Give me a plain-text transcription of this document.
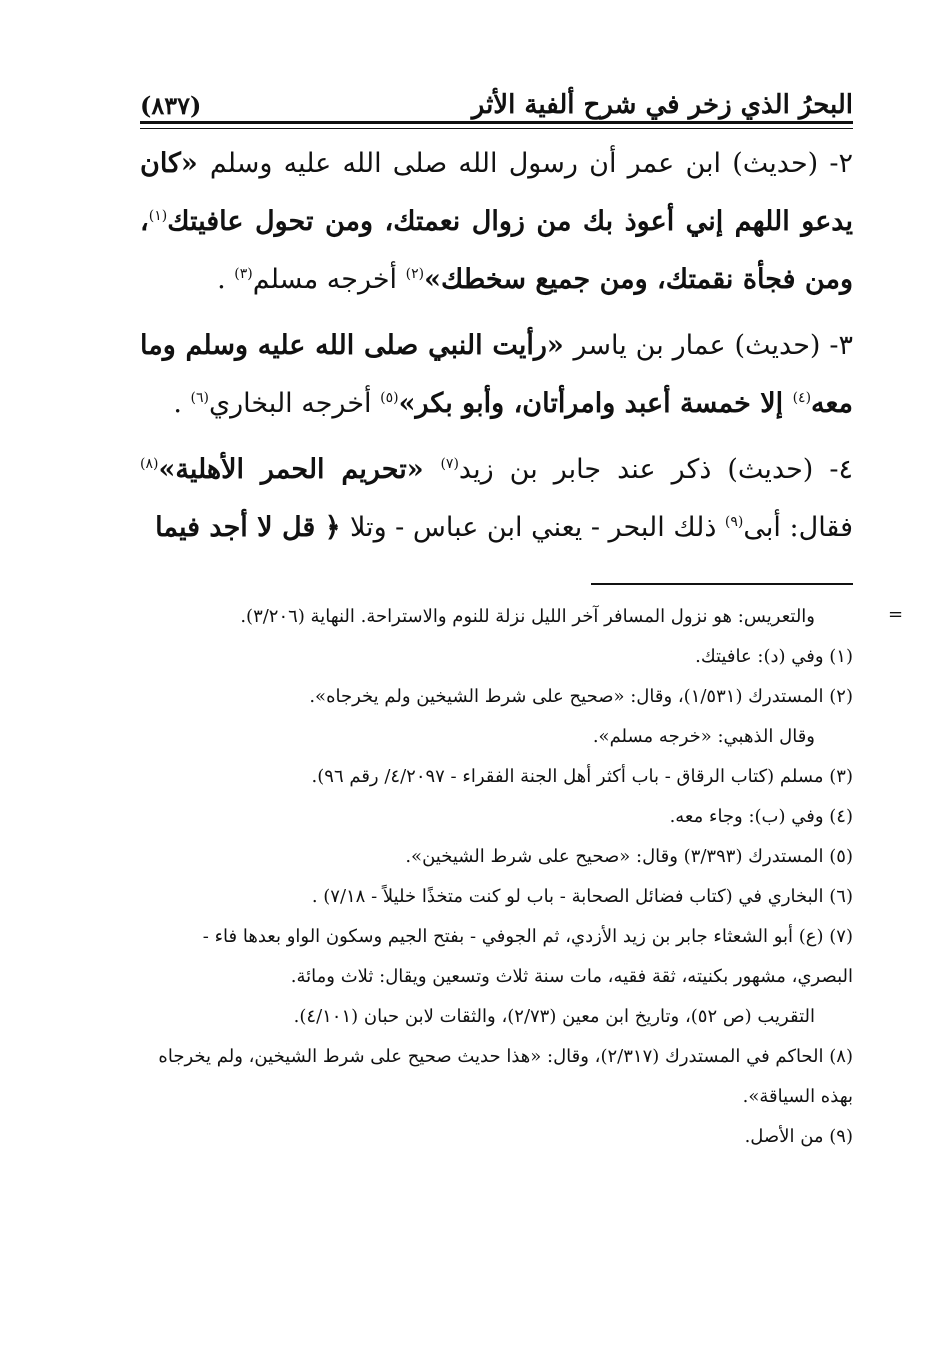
البحرُ الذي زخر في شرح ألفية الأثر
(٨٣٧)

٢- (حديث) ابن عمر أن رسول الله صلى الله عليه وسلم «كان يدعو اللهم إني أعوذ بك من زوال نعمتك، ومن تحول عافيتك$^{(١)}$، ومن فجأة نقمتك، ومن جميع سخطك»$^{(٢)}$ أخرجه مسلم$^{(٣)}$ .

٣- (حديث) عمار بن ياسر «رأيت النبي صلى الله عليه وسلم وما معه$^{(٤)}$ إلا خمسة أعبد وامرأتان، وأبو بكر»$^{(٥)}$ أخرجه البخاري$^{(٦)}$ .

٤- (حديث) ذكر عند جابر بن زيد$^{(٧)}$ «تحريم الحمر الأهلية»$^{(٨)}$ فقال: أبى$^{(٩)}$ ذلك البحر - يعني ابن عباس - وتلا ﴿ قل لا أجد فيما

=

والتعريس: هو نزول المسافر آخر الليل نزلة للنوم والاستراحة. النهاية (٣/٢٠٦).

(١) وفي (د): عافيتك.

(٢) المستدرك (١/٥٣١)، وقال: «صحيح على شرط الشيخين ولم يخرجاه».

وقال الذهبي: «خرجه مسلم».

(٣) مسلم (كتاب الرقاق - باب أكثر أهل الجنة الفقراء - ٤/٢٠٩٧/ رقم ٩٦).

(٤) وفي (ب): وجاء معه.

(٥) المستدرك (٣/٣٩٣) وقال: «صحيح على شرط الشيخين».

(٦) البخاري في (كتاب فضائل الصحابة - باب لو كنت متخذًا خليلاً - ٧/١٨) .

(٧) (ع) أبو الشعثاء جابر بن زيد الأزدي، ثم الجوفي - بفتح الجيم وسكون الواو بعدها فاء - البصري، مشهور بكنيته، ثقة فقيه، مات سنة ثلاث وتسعين ويقال: ثلاث ومائة.

التقريب (ص ٥٢)، وتاريخ ابن معين (٢/٧٣)، والثقات لابن حبان (٤/١٠١).

(٨) الحاكم في المستدرك (٢/٣١٧)، وقال: «هذا حديث صحيح على شرط الشيخين، ولم يخرجاه بهذه السياقة».

(٩) من الأصل.
